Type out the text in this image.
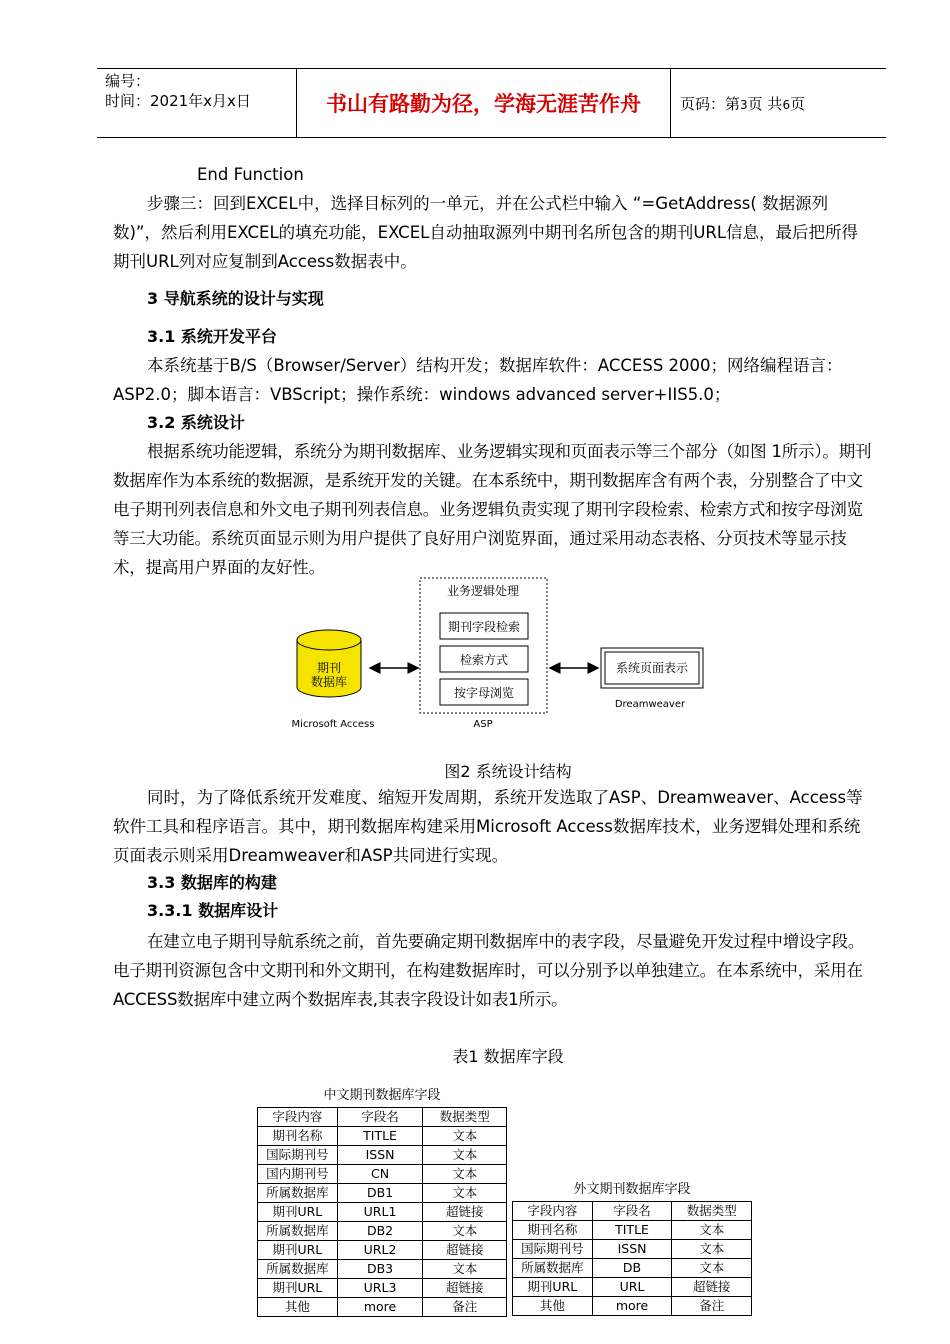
编号：
时间：2021年x月x日	书山有路勤为径，学海无涯苦作舟	页码：第3页 共6页

End Function

步骤三：回到EXCEL中，选择目标列的一单元，并在公式栏中输入 “=GetAddress( 数据源列数)”，然后利用EXCEL的填充功能，EXCEL自动抽取源列中期刊名所包含的期刊URL信息，最后把所得期刊URL列对应复制到Access数据表中。

3 导航系统的设计与实现

3.1 系统开发平台

本系统基于B/S（Browser/Server）结构开发；数据库软件：ACCESS 2000；网络编程语言：ASP2.0；脚本语言：VBScript；操作系统：windows advanced server+IIS5.0；

3.2 系统设计

根据系统功能逻辑，系统分为期刊数据库、业务逻辑实现和页面表示等三个部分（如图 1所示）。期刊数据库作为本系统的数据源，是系统开发的关键。在本系统中，期刊数据库含有两个表，分别整合了中文电子期刊列表信息和外文电子期刊列表信息。业务逻辑负责实现了期刊字段检索、检索方式和按字母浏览等三大功能。系统页面显示则为用户提供了良好用户浏览界面，通过采用动态表格、分页技术等显示技术，提高用户界面的友好性。

期刊
数据库
Microsoft Access
业务逻辑处理
期刊字段检索
检索方式
按字母浏览
ASP
系统页面表示
Dreamweaver

图2 系统设计结构

同时，为了降低系统开发难度、缩短开发周期，系统开发选取了ASP、Dreamweaver、Access等软件工具和程序语言。其中，期刊数据库构建采用Microsoft Access数据库技术，业务逻辑处理和系统页面表示则采用Dreamweaver和ASP共同进行实现。

3.3 数据库的构建

3.3.1 数据库设计

在建立电子期刊导航系统之前，首先要确定期刊数据库中的表字段，尽量避免开发过程中增设字段。电子期刊资源包含中文期刊和外文期刊，在构建数据库时，可以分别予以单独建立。在本系统中，采用在ACCESS数据库中建立两个数据库表,其表字段设计如表1所示。

表1 数据库字段

中文期刊数据库字段
字段内容	字段名	数据类型
期刊名称	TITLE	文本
国际期刊号	ISSN	文本
国内期刊号	CN	文本
所属数据库	DB1	文本
期刊URL	URL1	超链接
所属数据库	DB2	文本
期刊URL	URL2	超链接
所属数据库	DB3	文本
期刊URL	URL3	超链接
其他	more	备注
外文期刊数据库字段
字段内容	字段名	数据类型
期刊名称	TITLE	文本
国际期刊号	ISSN	文本
所属数据库	DB	文本
期刊URL	URL	超链接
其他	more	备注
